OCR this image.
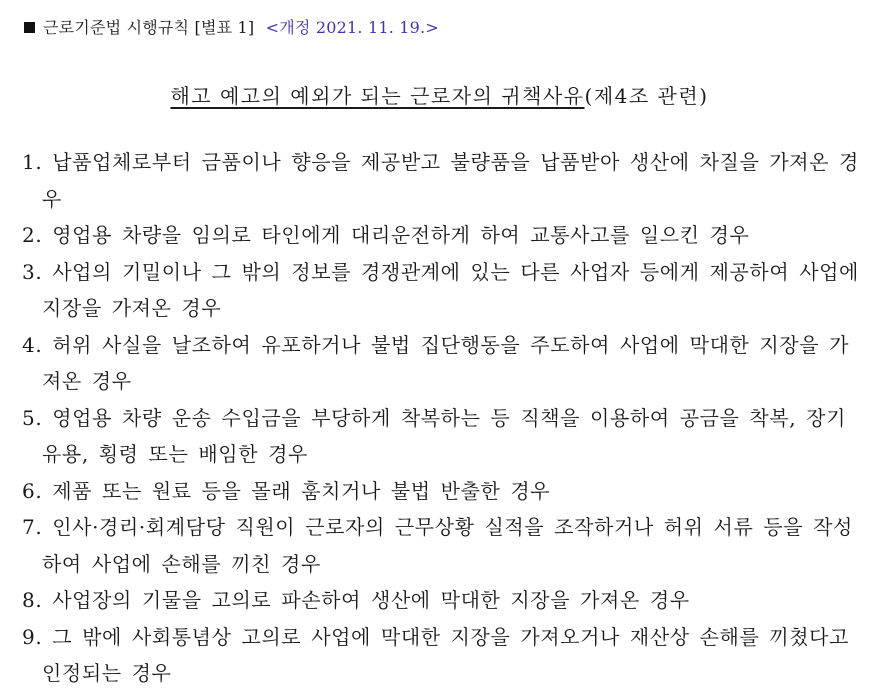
근로기준법 시행규칙 [별표 1] <개정 2021. 11. 19.>
해고 예고의 예외가 되는 근로자의 귀책사유(제4조 관련)
1. 납품업체로부터 금품이나 향응을 제공받고 불량품을 납품받아 생산에 차질을 가져온 경우
2. 영업용 차량을 임의로 타인에게 대리운전하게 하여 교통사고를 일으킨 경우
3. 사업의 기밀이나 그 밖의 정보를 경쟁관계에 있는 다른 사업자 등에게 제공하여 사업에 지장을 가져온 경우
4. 허위 사실을 날조하여 유포하거나 불법 집단행동을 주도하여 사업에 막대한 지장을 가져온 경우
5. 영업용 차량 운송 수입금을 부당하게 착복하는 등 직책을 이용하여 공금을 착복, 장기유용, 횡령 또는 배임한 경우
6. 제품 또는 원료 등을 몰래 훔치거나 불법 반출한 경우
7. 인사·경리·회계담당 직원이 근로자의 근무상황 실적을 조작하거나 허위 서류 등을 작성하여 사업에 손해를 끼친 경우
8. 사업장의 기물을 고의로 파손하여 생산에 막대한 지장을 가져온 경우
9. 그 밖에 사회통념상 고의로 사업에 막대한 지장을 가져오거나 재산상 손해를 끼쳤다고 인정되는 경우
